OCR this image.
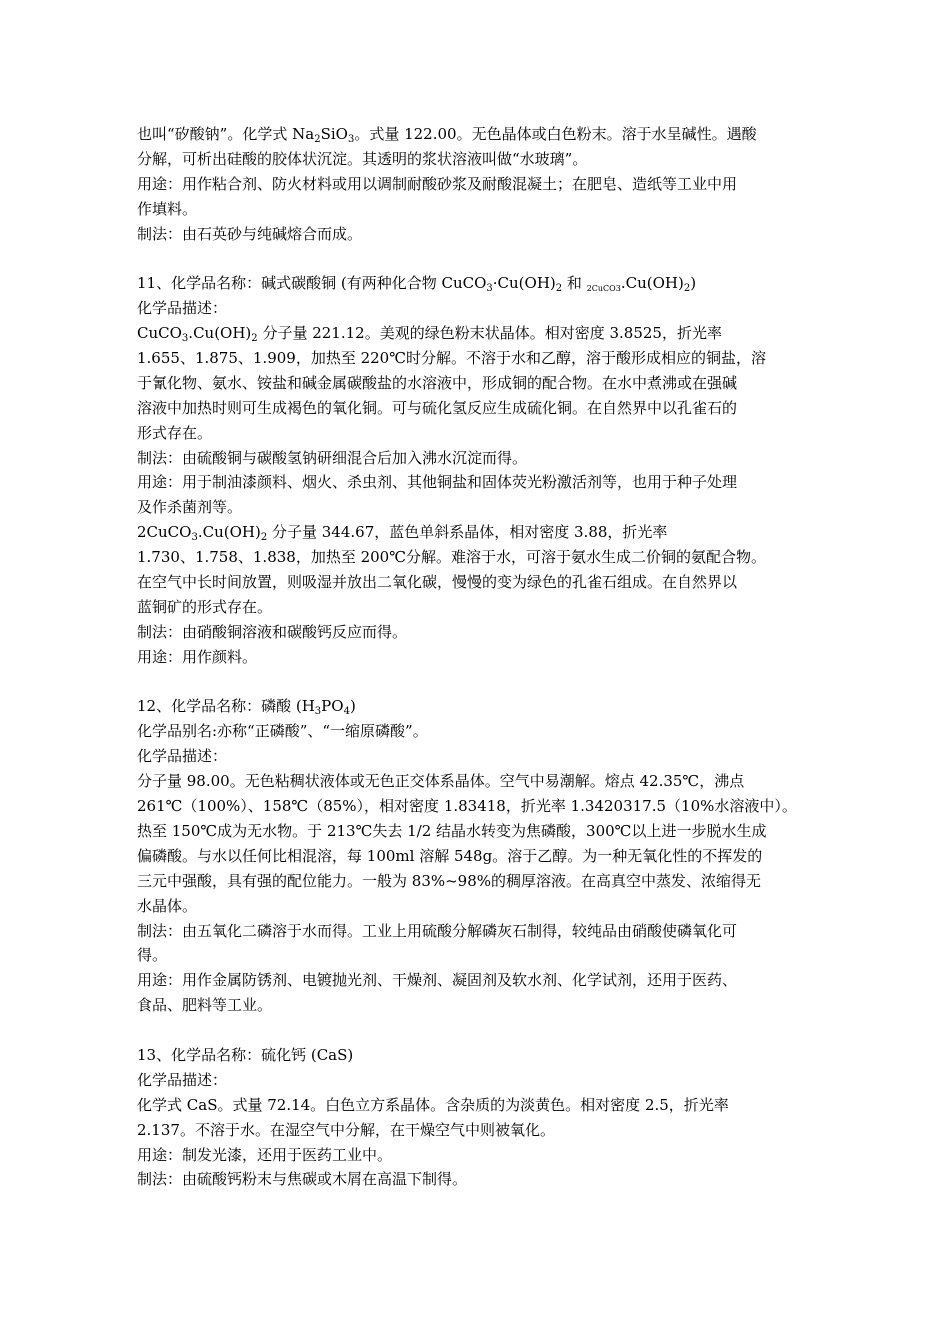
也叫“矽酸钠”。化学式 $Na_2SiO_3$。式量 122.00。无色晶体或白色粉末。溶于水呈碱性。遇酸
分解，可析出硅酸的胶体状沉淀。其透明的浆状溶液叫做“水玻璃”。
用途：用作粘合剂、防火材料或用以调制耐酸砂浆及耐酸混凝土；在肥皂、造纸等工业中用
作填料。
制法：由石英砂与纯碱熔合而成。
11、化学品名称：碱式碳酸铜 (有两种化合物 $CuCO_3\cdot Cu(OH)_2$ 和 $_{2CuCO3}.Cu(OH)_2$)
化学品描述：
$CuCO_3.Cu(OH)_2$ 分子量 221.12。美观的绿色粉末状晶体。相对密度 3.8525，折光率
1.655、1.875、1.909，加热至 220℃时分解。不溶于水和乙醇，溶于酸形成相应的铜盐，溶
于氰化物、氨水、铵盐和碱金属碳酸盐的水溶液中，形成铜的配合物。在水中煮沸或在强碱
溶液中加热时则可生成褐色的氧化铜。可与硫化氢反应生成硫化铜。在自然界中以孔雀石的
形式存在。
制法：由硫酸铜与碳酸氢钠研细混合后加入沸水沉淀而得。
用途：用于制油漆颜料、烟火、杀虫剂、其他铜盐和固体荧光粉激活剂等，也用于种子处理
及作杀菌剂等。
$2CuCO_3.Cu(OH)_2$ 分子量 344.67，蓝色单斜系晶体，相对密度 3.88，折光率
1.730、1.758、1.838，加热至 200℃分解。难溶于水，可溶于氨水生成二价铜的氨配合物。
在空气中长时间放置，则吸湿并放出二氧化碳，慢慢的变为绿色的孔雀石组成。在自然界以
蓝铜矿的形式存在。
制法：由硝酸铜溶液和碳酸钙反应而得。
用途：用作颜料。
12、化学品名称：磷酸 $(H_3PO_4)$
化学品别名:亦称“正磷酸”、“一缩原磷酸”。
化学品描述：
分子量 98.00。无色粘稠状液体或无色正交体系晶体。空气中易潮解。熔点 42.35℃，沸点
261℃（100%）、158℃（85%），相对密度 1.83418，折光率 1.3420317.5（10%水溶液中）。
热至 150℃成为无水物。于 213℃失去 1/2 结晶水转变为焦磷酸，300℃以上进一步脱水生成
偏磷酸。与水以任何比相混溶，每 100ml 溶解 548g。溶于乙醇。为一种无氧化性的不挥发的
三元中强酸，具有强的配位能力。一般为 83%~98%的稠厚溶液。在高真空中蒸发、浓缩得无
水晶体。
制法：由五氧化二磷溶于水而得。工业上用硫酸分解磷灰石制得，较纯品由硝酸使磷氧化可
得。
用途：用作金属防锈剂、电镀抛光剂、干燥剂、凝固剂及软水剂、化学试剂，还用于医药、
食品、肥料等工业。
13、化学品名称：硫化钙 (CaS)
化学品描述：
化学式 CaS。式量 72.14。白色立方系晶体。含杂质的为淡黄色。相对密度 2.5，折光率
2.137。不溶于水。在湿空气中分解，在干燥空气中则被氧化。
用途：制发光漆，还用于医药工业中。
制法：由硫酸钙粉末与焦碳或木屑在高温下制得。
